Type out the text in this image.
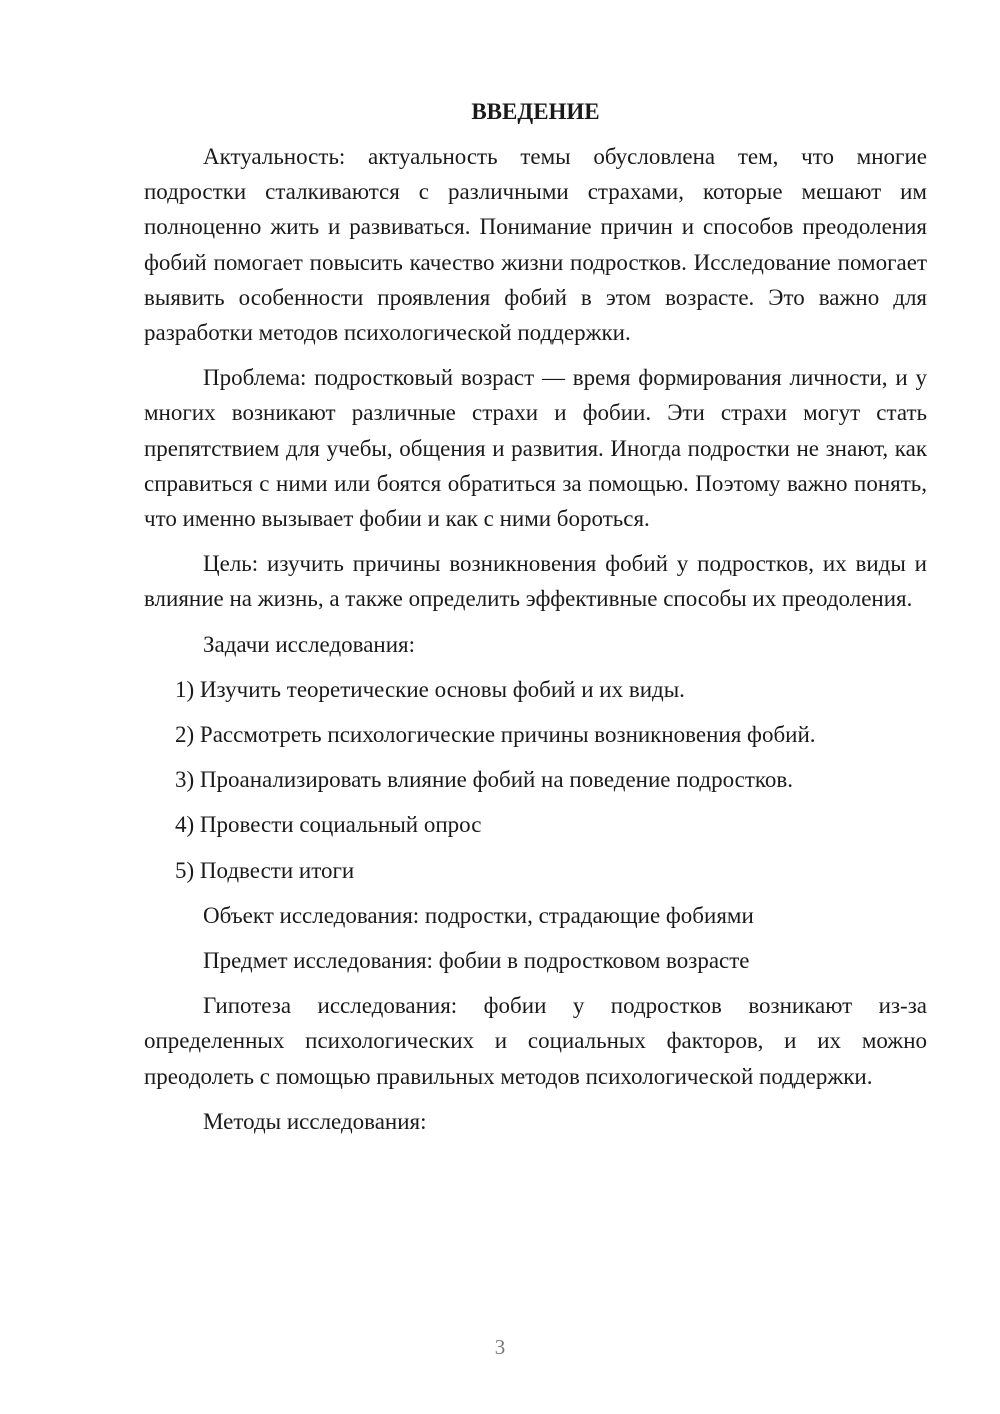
ВВЕДЕНИЕ
Актуальность: актуальность темы обусловлена тем, что многие подростки сталкиваются с различными страхами, которые мешают им полноценно жить и развиваться. Понимание причин и способов преодоления фобий помогает повысить качество жизни подростков. Исследование помогает выявить особенности проявления фобий в этом возрасте. Это важно для разработки методов психологической поддержки.
Проблема: подростковый возраст — время формирования личности, и у многих возникают различные страхи и фобии. Эти страхи могут стать препятствием для учебы, общения и развития. Иногда подростки не знают, как справиться с ними или боятся обратиться за помощью. Поэтому важно понять, что именно вызывает фобии и как с ними бороться.
Цель: изучить причины возникновения фобий у подростков, их виды и влияние на жизнь, а также определить эффективные способы их преодоления.
Задачи исследования:
1) Изучить теоретические основы фобий и их виды.
2) Рассмотреть психологические причины возникновения фобий.
3) Проанализировать влияние фобий на поведение подростков.
4) Провести социальный опрос
5) Подвести итоги
Объект исследования: подростки, страдающие фобиями
Предмет исследования: фобии в подростковом возрасте
Гипотеза исследования: фобии у подростков возникают из-за определенных психологических и социальных факторов, и их можно преодолеть с помощью правильных методов психологической поддержки.
Методы исследования:
3
